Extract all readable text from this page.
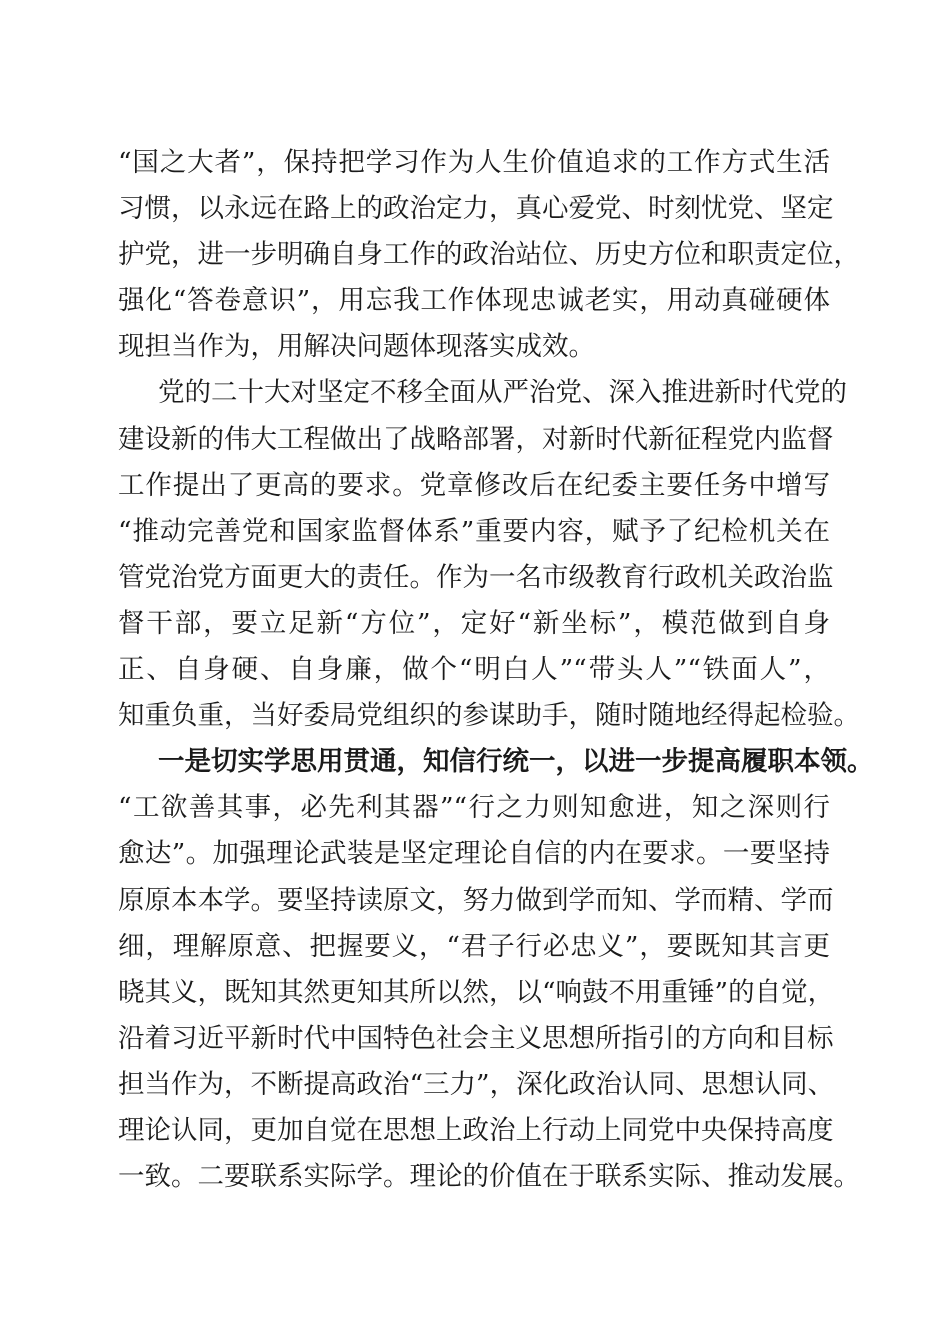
“国之大者”，保持把学习作为人生价值追求的工作方式生活
习惯，以永远在路上的政治定力，真心爱党、时刻忧党、坚定
护党，进一步明确自身工作的政治站位、历史方位和职责定位，
强化“答卷意识”，用忘我工作体现忠诚老实，用动真碰硬体
现担当作为，用解决问题体现落实成效。
党的二十大对坚定不移全面从严治党、深入推进新时代党的
建设新的伟大工程做出了战略部署，对新时代新征程党内监督
工作提出了更高的要求。党章修改后在纪委主要任务中增写
“推动完善党和国家监督体系”重要内容，赋予了纪检机关在
管党治党方面更大的责任。作为一名市级教育行政机关政治监
督干部，要立足新“方位”，定好“新坐标”，模范做到自身
正、自身硬、自身廉，做个“明白人”“带头人”“铁面人”，
知重负重，当好委局党组织的参谋助手，随时随地经得起检验。
一是切实学思用贯通，知信行统一，以进一步提高履职本领。
“工欲善其事，必先利其器”“行之力则知愈进，知之深则行
愈达”。加强理论武装是坚定理论自信的内在要求。一要坚持
原原本本学。要坚持读原文，努力做到学而知、学而精、学而
细，理解原意、把握要义，“君子行必忠义”，要既知其言更
晓其义，既知其然更知其所以然，以“响鼓不用重锤”的自觉，
沿着习近平新时代中国特色社会主义思想所指引的方向和目标
担当作为，不断提高政治“三力”，深化政治认同、思想认同、
理论认同，更加自觉在思想上政治上行动上同党中央保持高度
一致。二要联系实际学。理论的价值在于联系实际、推动发展。
